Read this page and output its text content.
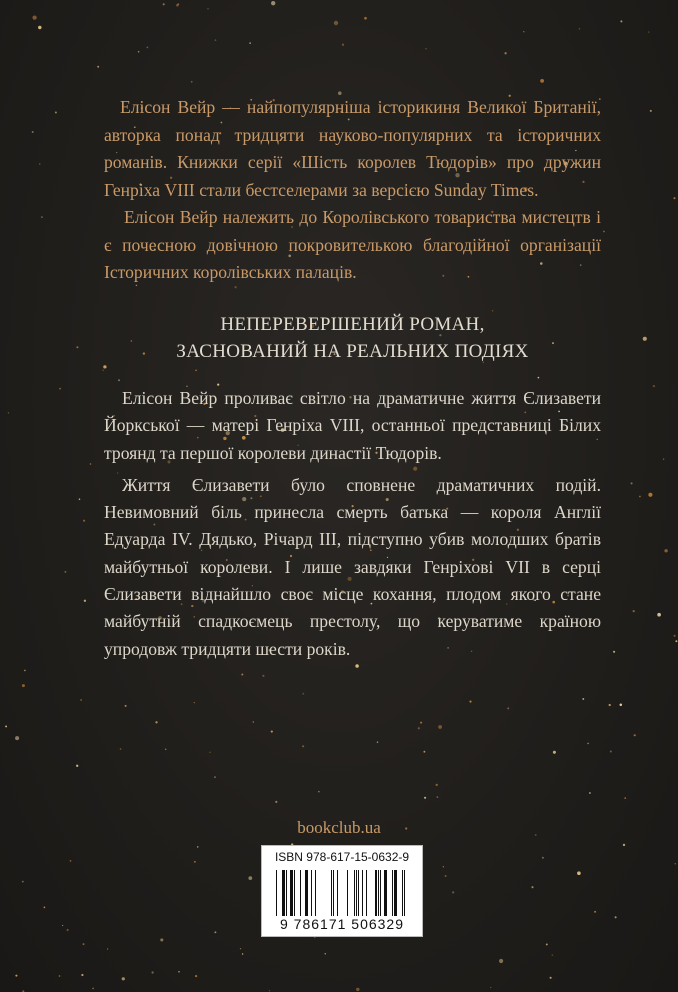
Елісон Вейр — найпопулярніша історикиня Великої Британії, авторка понад тридцяти науково-популярних та історичних романів. Книжки серії «Шість королев Тюдорів» про дружин Генріха VIII стали бестселерами за версією Sunday Times.

Елісон Вейр належить до Королівського товариства мистецтв і є почесною довічною покровителькою благодійної організації Історичних королівських палаців.

НЕПЕРЕВЕРШЕНИЙ РОМАН,
ЗАСНОВАНИЙ НА РЕАЛЬНИХ ПОДІЯХ

Елісон Вейр проливає світло на драматичне життя Єлизавети Йоркської — матері Генріха VIII, останньої представниці Білих троянд та першої королеви династії Тюдорів.

Життя Єлизавети було сповнене драматичних подій. Невимовний біль принесла смерть батька — короля Англії Едуарда IV. Дядько, Річард III, підступно убив молодших братів майбутньої королеви. І лише завдяки Генріхові VII в серці Єлизавети віднайшло своє місце кохання, плодом якого стане майбутній спадкоємець престолу, що керуватиме країною упродовж тридцяти шести років.

bookclub.ua
ISBN 978-617-15-0632-9
9 786171 506329
